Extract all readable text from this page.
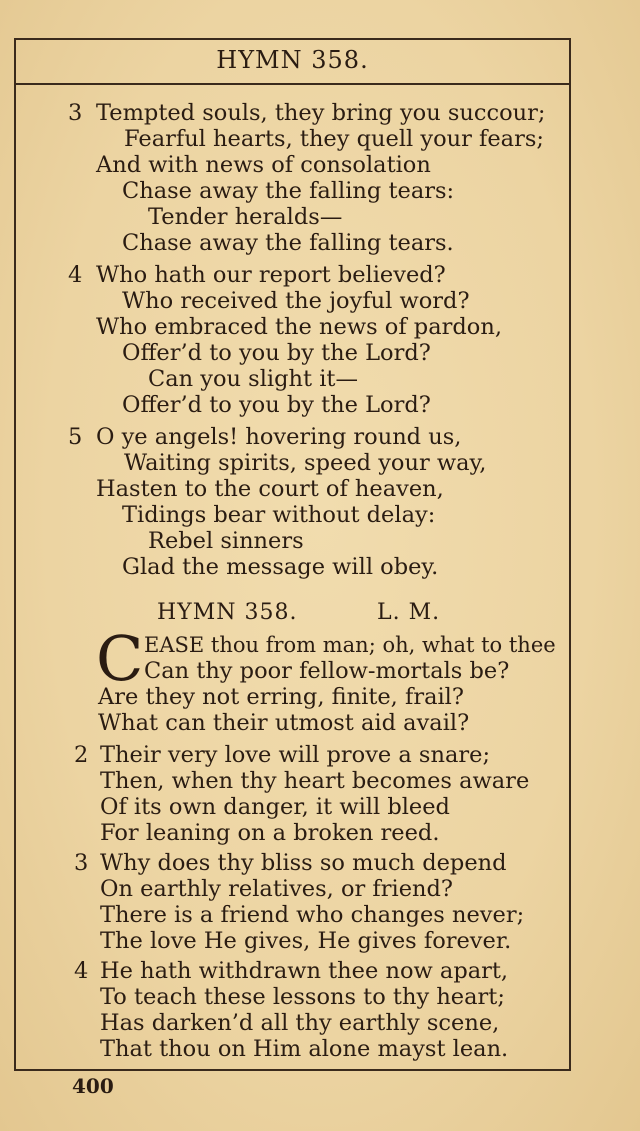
HYMN 358.
3 Tempted souls, they bring you succour;
Fearful hearts, they quell your fears;
And with news of consolation
Chase away the falling tears:
Tender heralds—
Chase away the falling tears.
4 Who hath our report believed?
Who received the joyful word?
Who embraced the news of pardon,
Offer’d to you by the Lord?
Can you slight it—
Offer’d to you by the Lord?
5 O ye angels! hovering round us,
Waiting spirits, speed your way,
Hasten to the court of heaven,
Tidings bear without delay:
Rebel sinners
Glad the message will obey.
HYMN 358.	L. M.
C EASE thou from man; oh, what to thee
Can thy poor fellow-mortals be?
Are they not erring, finite, frail?
What can their utmost aid avail?
2 Their very love will prove a snare;
Then, when thy heart becomes aware
Of its own danger, it will bleed
For leaning on a broken reed.
3 Why does thy bliss so much depend
On earthly relatives, or friend?
There is a friend who changes never;
The love He gives, He gives forever.
4 He hath withdrawn thee now apart,
To teach these lessons to thy heart;
Has darken’d all thy earthly scene,
That thou on Him alone mayst lean.
400
